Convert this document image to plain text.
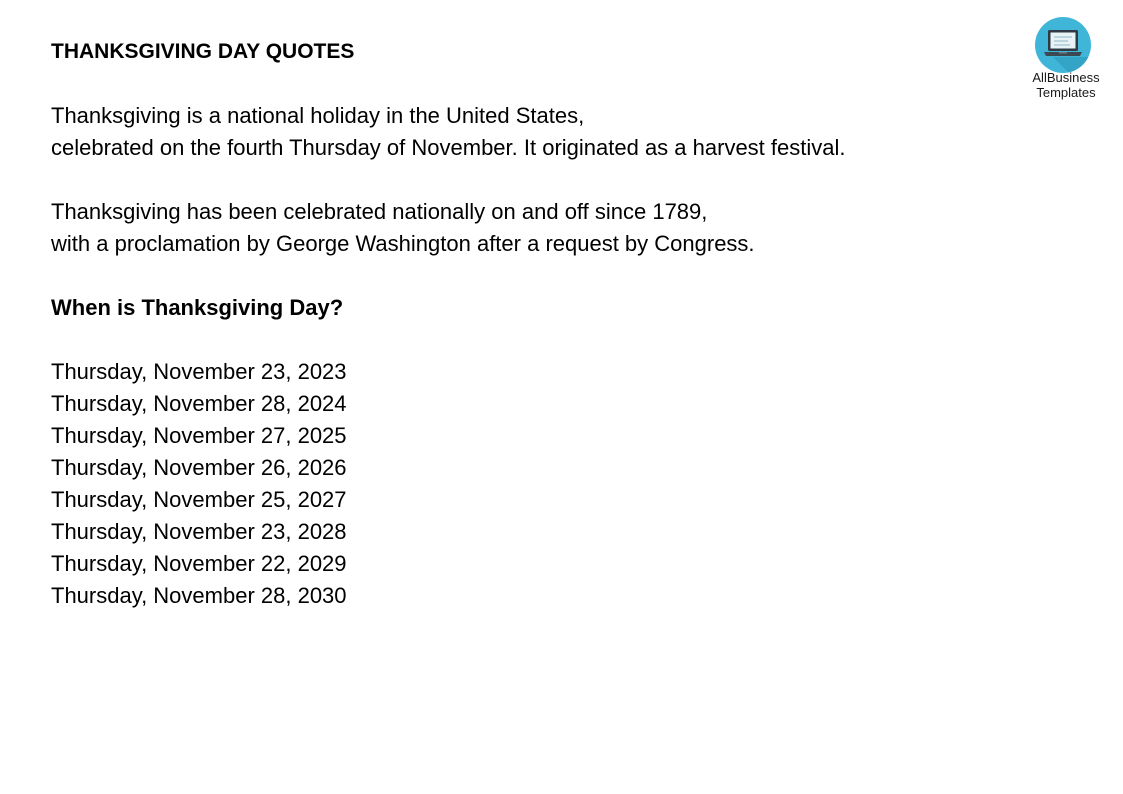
THANKSGIVING DAY QUOTES
Thanksgiving is a national holiday in the United States,
celebrated on the fourth Thursday of November. It originated as a harvest festival.
Thanksgiving has been celebrated nationally on and off since 1789,
with a proclamation by George Washington after a request by Congress.
When is Thanksgiving Day?
Thursday, November 23, 2023
Thursday, November 28, 2024
Thursday, November 27, 2025
Thursday, November 26, 2026
Thursday, November 25, 2027
Thursday, November 23, 2028
Thursday, November 22, 2029
Thursday, November 28, 2030
AllBusiness
Templates
